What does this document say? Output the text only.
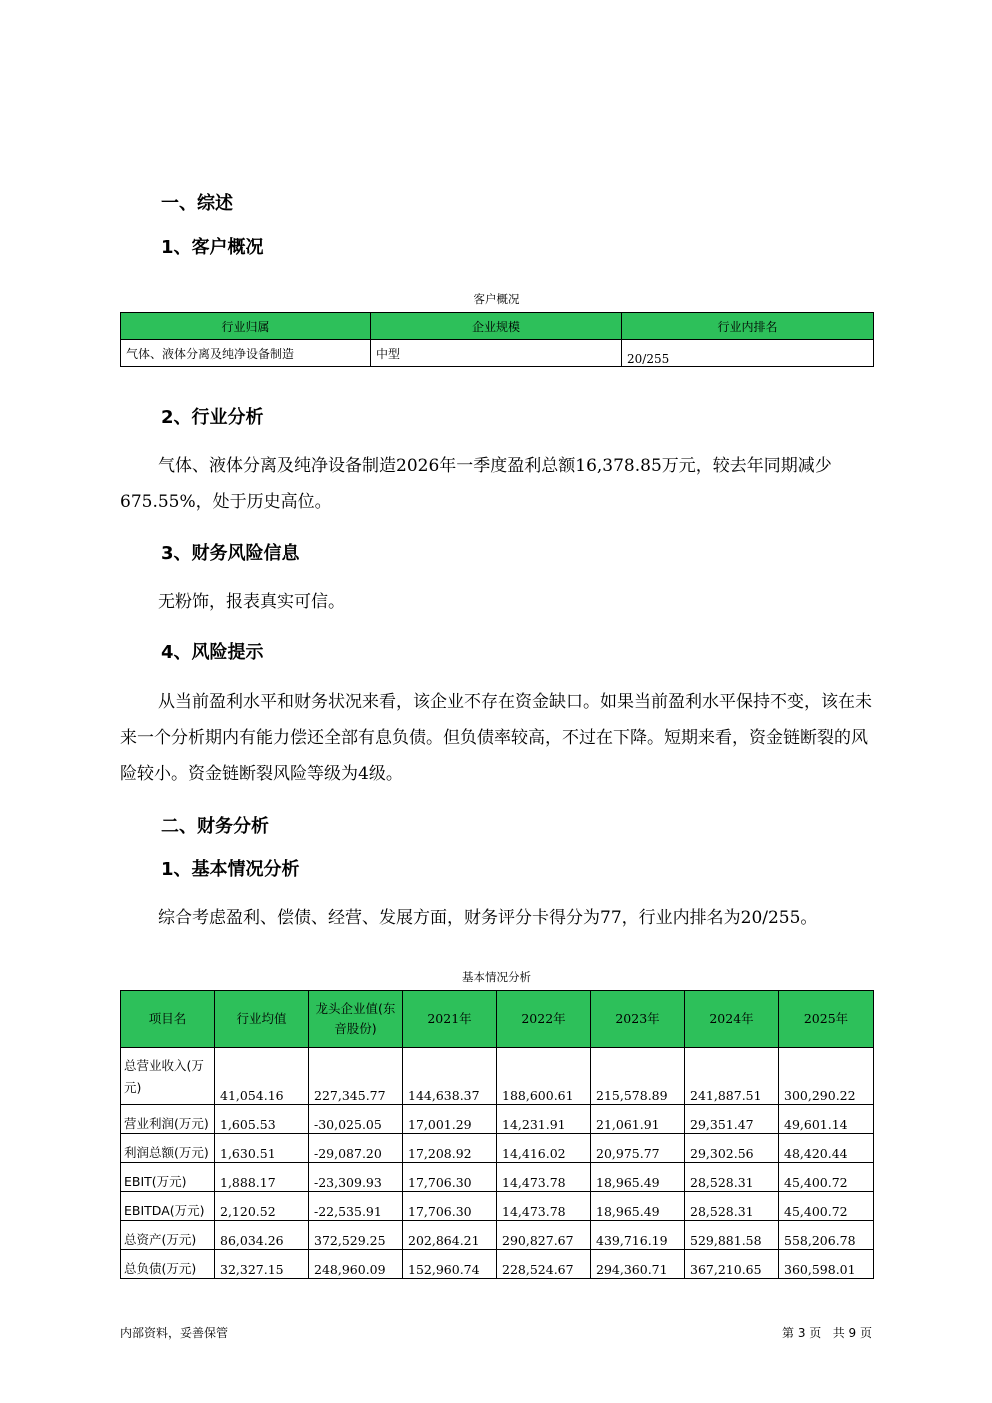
一、综述
1、客户概况
客户概况
行业归属	企业规模	行业内排名
气体、液体分离及纯净设备制造	中型	20/255
2、行业分析

气体、液体分离及纯净设备制造2026年一季度盈利总额16,378.85万元，较去年同期减少675.55%，处于历史高位。

3、财务风险信息

无粉饰，报表真实可信。

4、风险提示

从当前盈利水平和财务状况来看，该企业不存在资金缺口。如果当前盈利水平保持不变，该在未来一个分析期内有能力偿还全部有息负债。但负债率较高，不过在下降。短期来看，资金链断裂的风险较小。资金链断裂风险等级为4级。

二、财务分析
1、基本情况分析

综合考虑盈利、偿债、经营、发展方面，财务评分卡得分为77，行业内排名为20/255。

基本情况分析
项目名	行业均值	龙头企业值(东音股份)	2021年	2022年	2023年	2024年	2025年
总营业收入(万元)	41,054.16	227,345.77	144,638.37	188,600.61	215,578.89	241,887.51	300,290.22
营业利润(万元)	1,605.53	-30,025.05	17,001.29	14,231.91	21,061.91	29,351.47	49,601.14
利润总额(万元)	1,630.51	-29,087.20	17,208.92	14,416.02	20,975.77	29,302.56	48,420.44
EBIT(万元)	1,888.17	-23,309.93	17,706.30	14,473.78	18,965.49	28,528.31	45,400.72
EBITDA(万元)	2,120.52	-22,535.91	17,706.30	14,473.78	18,965.49	28,528.31	45,400.72
总资产(万元)	86,034.26	372,529.25	202,864.21	290,827.67	439,716.19	529,881.58	558,206.78
总负债(万元)	32,327.15	248,960.09	152,960.74	228,524.67	294,360.71	367,210.65	360,598.01
内部资料，妥善保管	第 3 页   共 9 页
